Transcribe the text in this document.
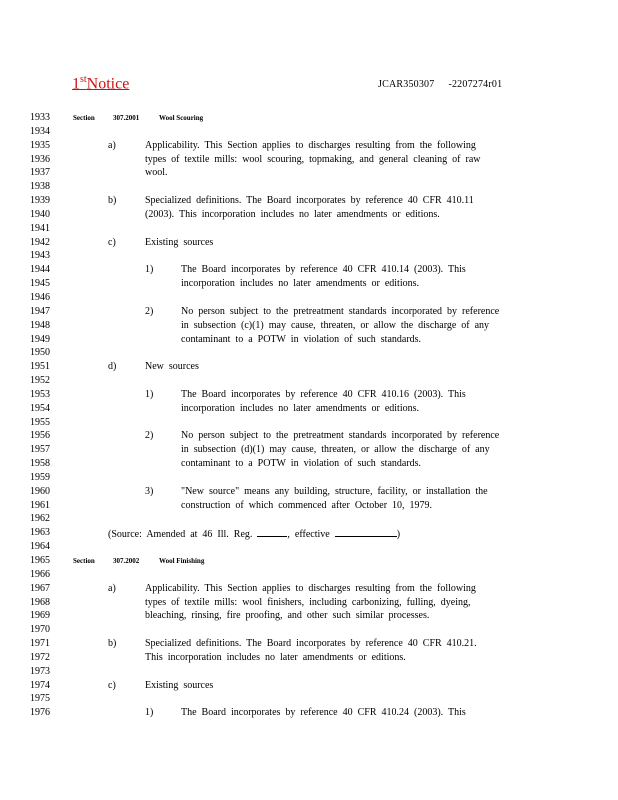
1stNotice	JCAR350307 -2207274r01
1933
1934
1935
1936
1937
1938
1939
1940
1941
1942
1943
1944
1945
1946
1947
1948
1949
1950
1951
1952
1953
1954
1955
1956
1957
1958
1959
1960
1961
1962
1963
1964
1965
1966
1967
1968
1969
1970
1971
1972
1973
1974
1975
1976
Section	307.2001	Wool Scouring
a)	Applicability. This Section applies to discharges resulting from the following
types of textile mills: wool scouring, topmaking, and general cleaning of raw
wool.
b)	Specialized definitions. The Board incorporates by reference 40 CFR 410.11
(2003). This incorporation includes no later amendments or editions.
c)	Existing sources
1)	The Board incorporates by reference 40 CFR 410.14 (2003). This
incorporation includes no later amendments or editions.
2)	No person subject to the pretreatment standards incorporated by reference
in subsection (c)(1) may cause, threaten, or allow the discharge of any
contaminant to a POTW in violation of such standards.
d)	New sources
1)	The Board incorporates by reference 40 CFR 410.16 (2003). This
incorporation includes no later amendments or editions.
2)	No person subject to the pretreatment standards incorporated by reference
in subsection (d)(1) may cause, threaten, or allow the discharge of any
contaminant to a POTW in violation of such standards.
3)	"New source" means any building, structure, facility, or installation the
construction of which commenced after October 10, 1979.
(Source: Amended at 46 Ill. Reg.	, effective	)
Section	307.2002	Wool Finishing
a)	Applicability. This Section applies to discharges resulting from the following
types of textile mills: wool finishers, including carbonizing, fulling, dyeing,
bleaching, rinsing, fire proofing, and other such similar processes.
b)	Specialized definitions. The Board incorporates by reference 40 CFR 410.21.
This incorporation includes no later amendments or editions.
c)	Existing sources
1)	The Board incorporates by reference 40 CFR 410.24 (2003). This
